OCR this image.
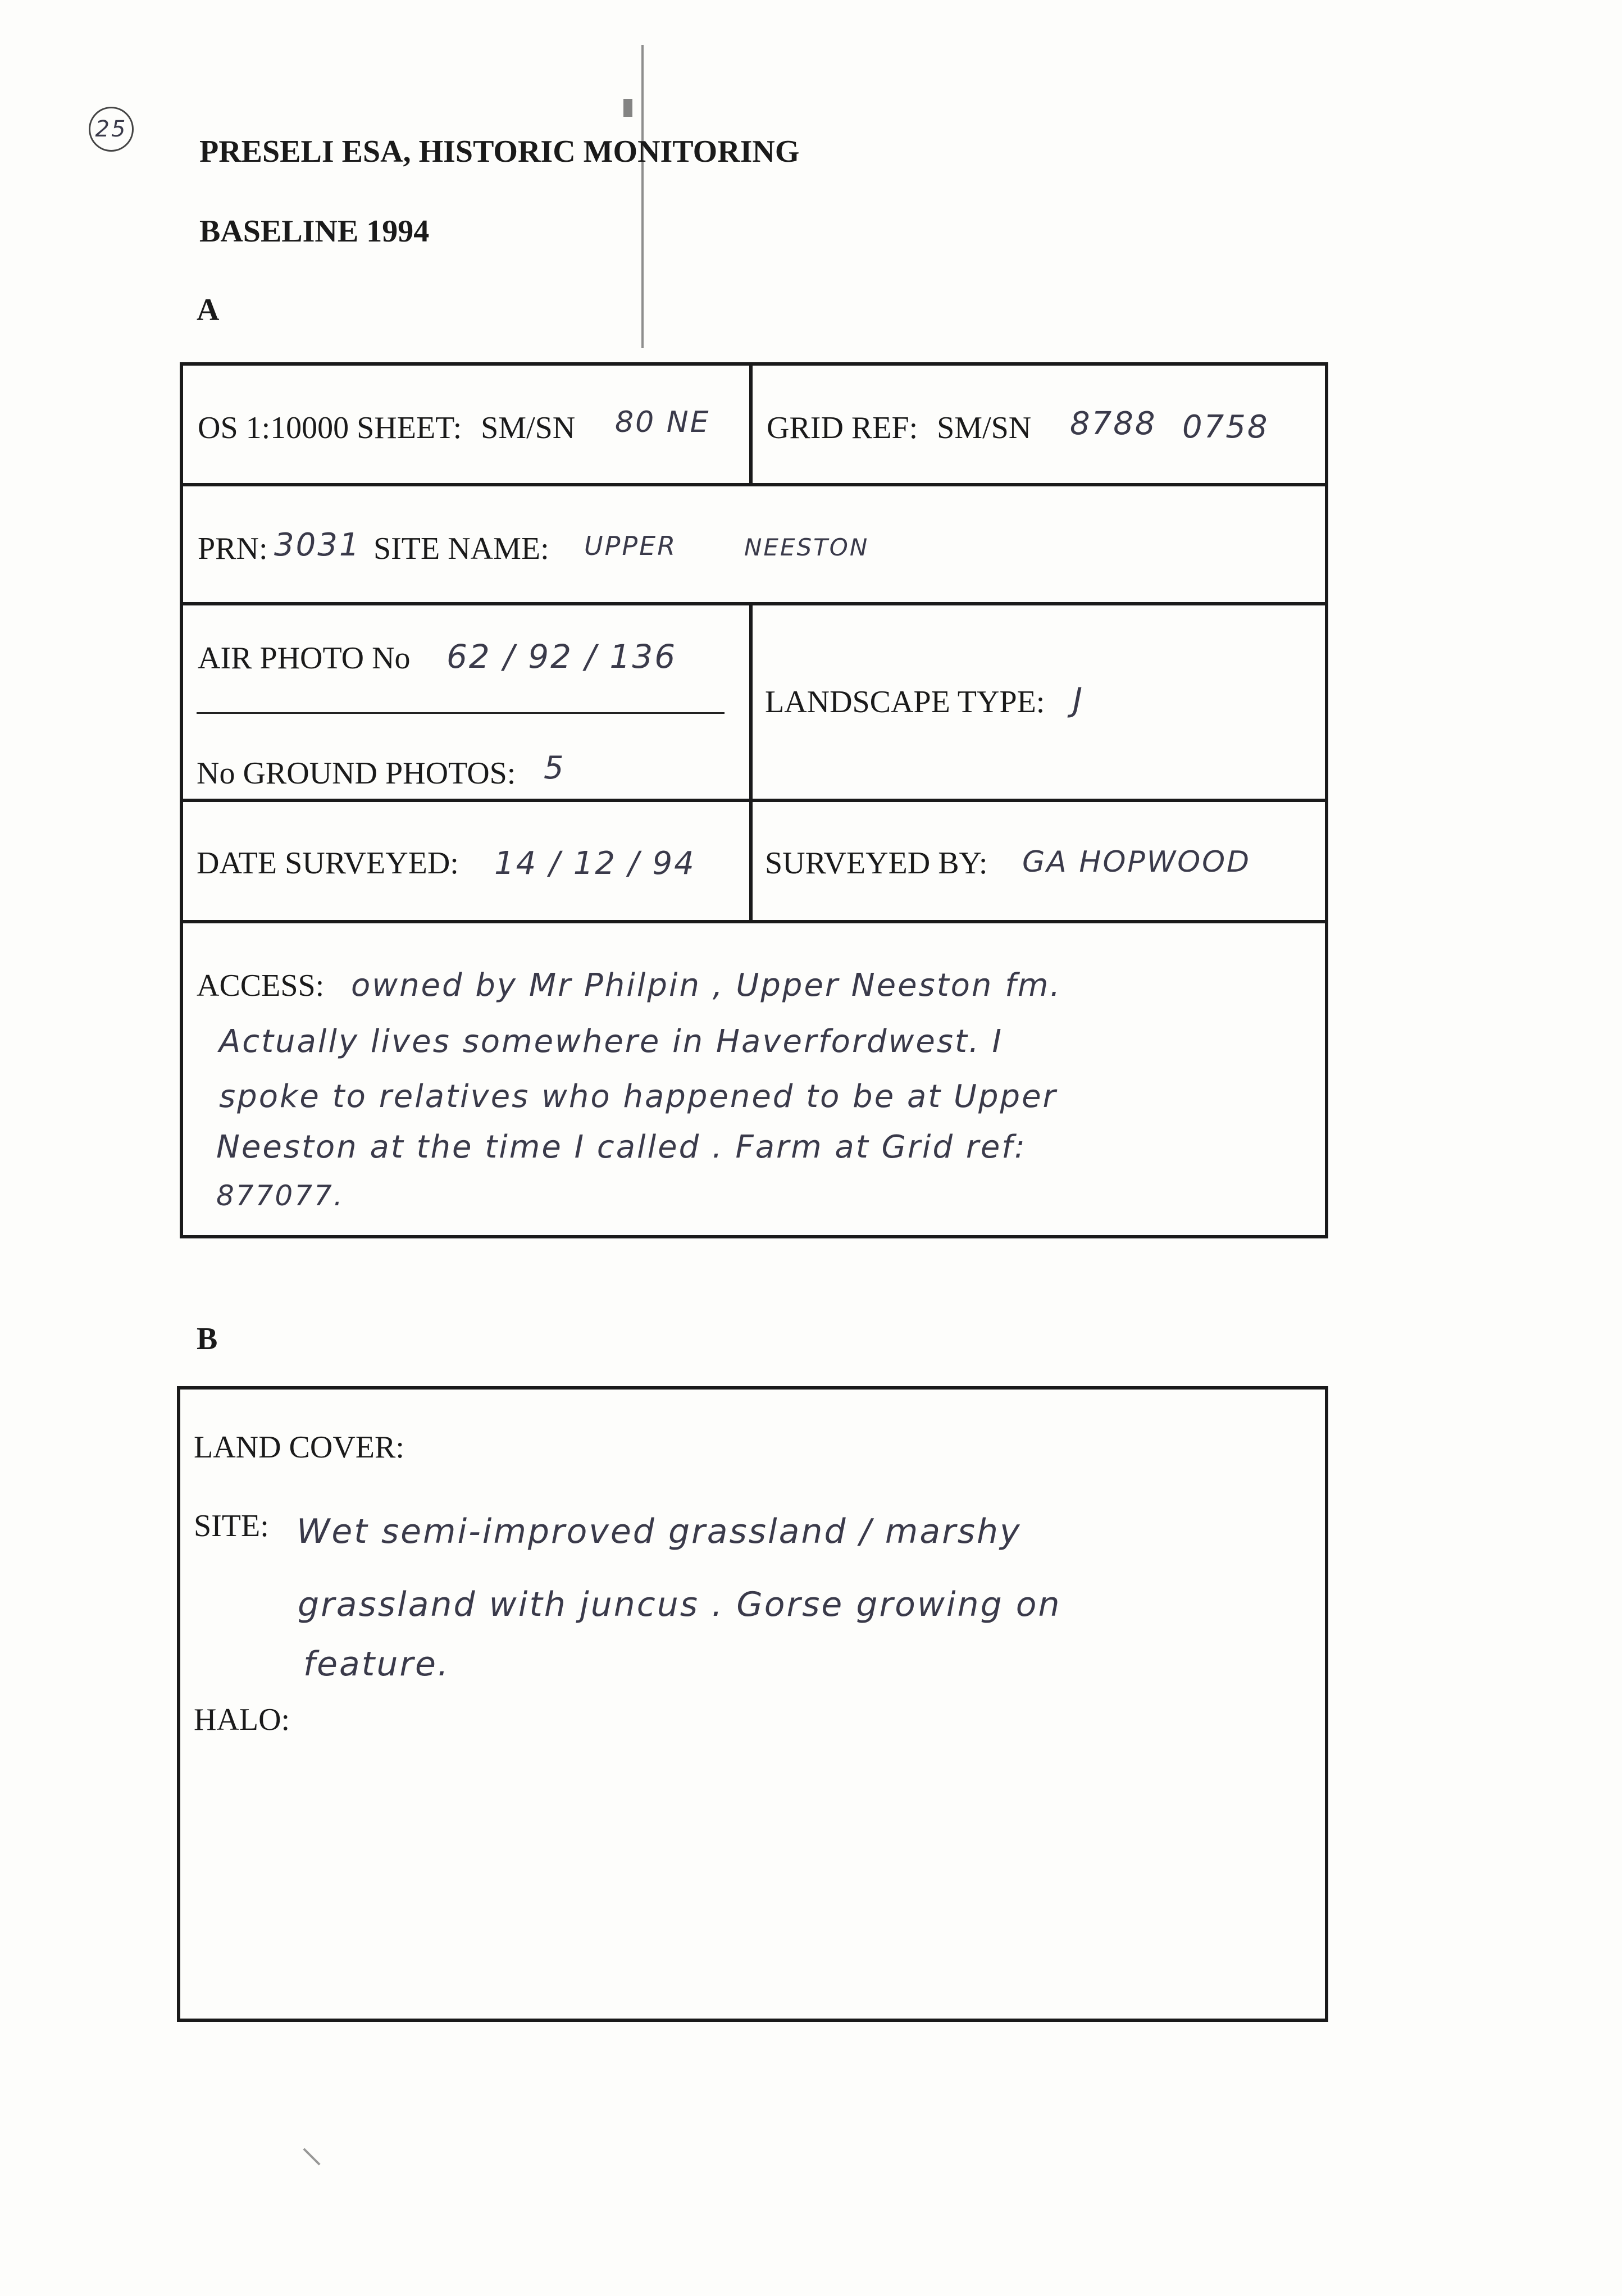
25
PRESELI ESA, HISTORIC MONITORING
BASELINE 1994
A
OS 1:10000 SHEET: SM/SN 80 NE GRID REF: SM/SN 8788 0758
PRN: 3031 SITE NAME: UPPER	NEESTON
AIR PHOTO No 62 / 92 / 136
No GROUND PHOTOS: 5
LANDSCAPE TYPE: J
DATE SURVEYED: 14 / 12 / 94 SURVEYED BY: GA HOPWOOD
ACCESS: owned by Mr Philpin , Upper Neeston fm.
Actually lives somewhere in Haverfordwest. I
spoke to relatives who happened to be at Upper
Neeston at the time I called . Farm at Grid ref:
877077.
B
LAND COVER:
SITE: Wet semi-improved grassland / marshy
grassland with juncus . Gorse growing on
feature.
HALO:
